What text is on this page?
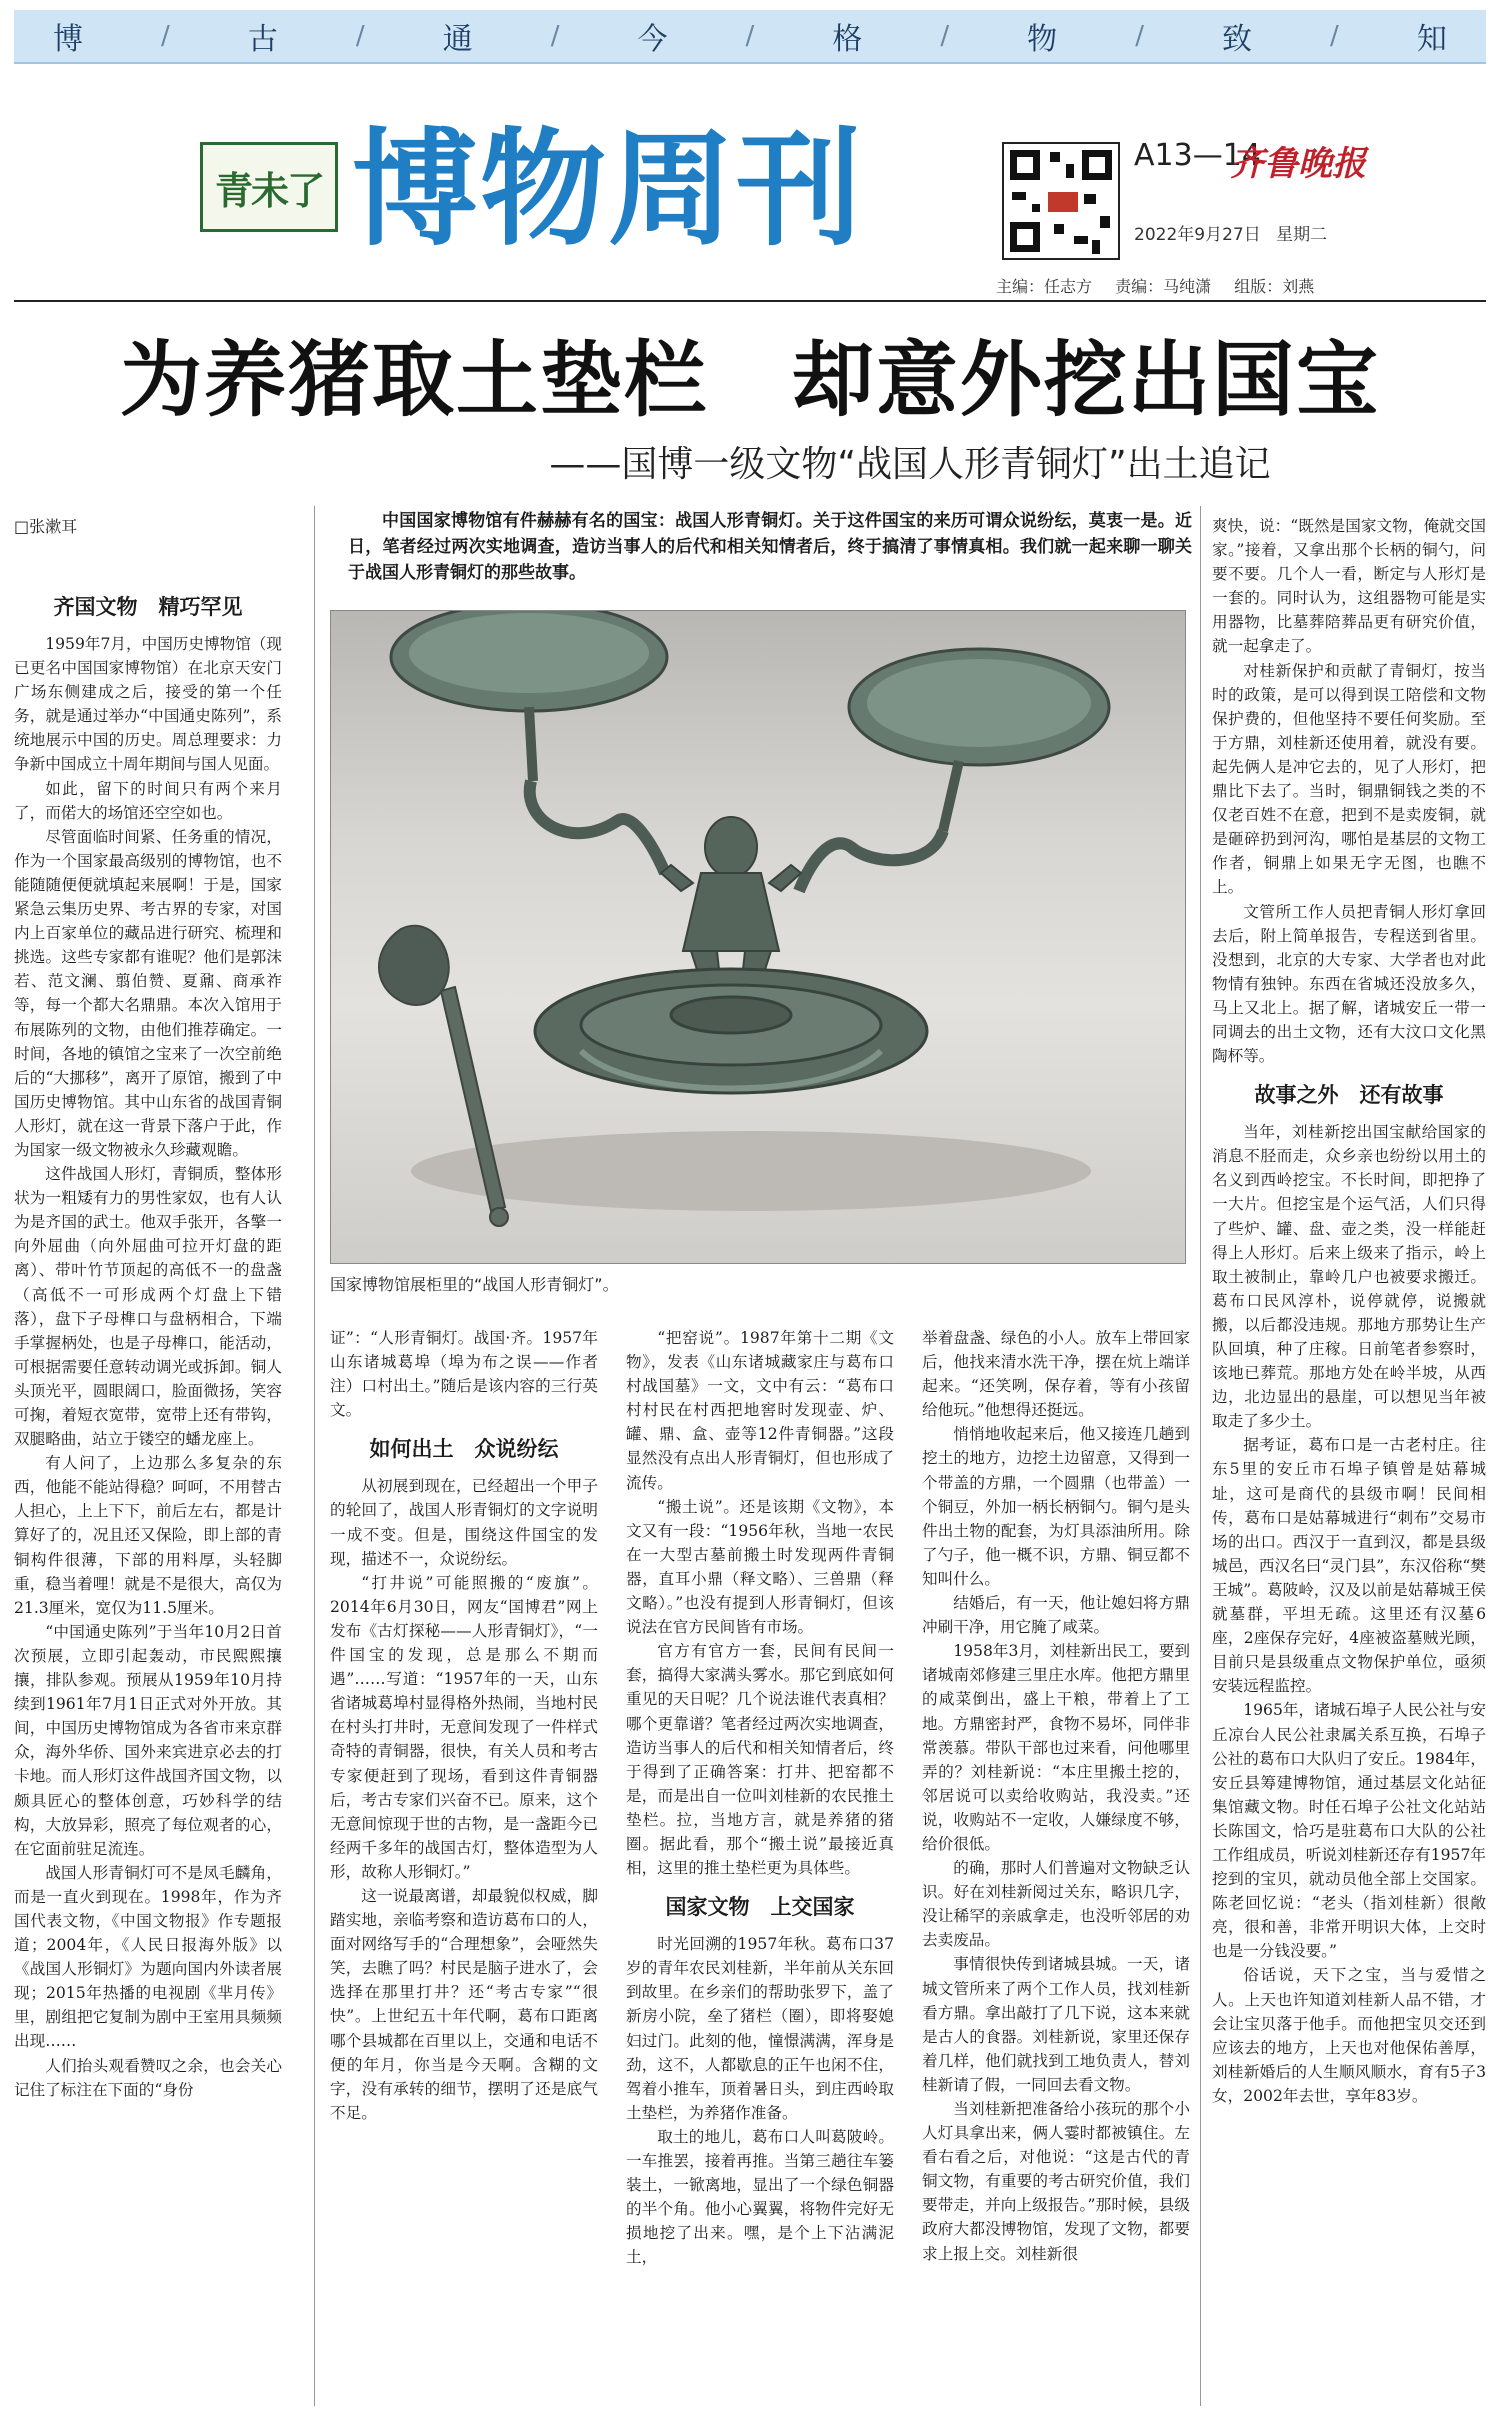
博	/	古	/	通	/	今	/	格	/	物	/	致	/	知
青未了 博物周刊	A13—14
齐鲁晚报
2022年9月27日 星期二
主编：任志方 责编：马纯潇 组版：刘燕
为养猪取土垫栏　却意外挖出国宝
——国博一级文物“战国人形青铜灯”出土追记
□张漱耳	中国国家博物馆有件赫赫有名的国宝：战国人形青铜灯。关于这件国宝的来历可谓众说纷纭，莫衷一是。近日，笔者经过两次实地调查，造访当事人的后代和相关知情者后，终于搞清了事情真相。我们就一起来聊一聊关于战国人形青铜灯的那些故事。
国家博物馆展柜里的“战国人形青铜灯”。
齐国文物　精巧罕见

1959年7月，中国历史博物馆（现已更名中国国家博物馆）在北京天安门广场东侧建成之后，接受的第一个任务，就是通过举办“中国通史陈列”，系统地展示中国的历史。周总理要求：力争新中国成立十周年期间与国人见面。

如此，留下的时间只有两个来月了，而偌大的场馆还空空如也。

尽管面临时间紧、任务重的情况，作为一个国家最高级别的博物馆，也不能随随便便就填起来展啊！于是，国家紧急云集历史界、考古界的专家，对国内上百家单位的藏品进行研究、梳理和挑选。这些专家都有谁呢？他们是郭沫若、范文澜、翦伯赞、夏鼐、商承祚等，每一个都大名鼎鼎。本次入馆用于布展陈列的文物，由他们推荐确定。一时间，各地的镇馆之宝来了一次空前绝后的“大挪移”，离开了原馆，搬到了中国历史博物馆。其中山东省的战国青铜人形灯，就在这一背景下落户于此，作为国家一级文物被永久珍藏观瞻。

这件战国人形灯，青铜质，整体形状为一粗矮有力的男性家奴，也有人认为是齐国的武士。他双手张开，各擎一向外屈曲（向外屈曲可拉开灯盘的距离）、带叶竹节顶起的高低不一的盘盏（高低不一可形成两个灯盘上下错落），盘下子母榫口与盘柄相合，下端手掌握柄处，也是子母榫口，能活动，可根据需要任意转动调光或拆卸。铜人头顶光平，圆眼阔口，脸面微扬，笑容可掬，着短衣宽带，宽带上还有带钩，双腿略曲，站立于镂空的蟠龙座上。

有人问了，上边那么多复杂的东西，他能不能站得稳？呵呵，不用替古人担心，上上下下，前后左右，都是计算好了的，况且还又保险，即上部的青铜构件很薄，下部的用料厚，头轻脚重，稳当着哩！就是不是很大，高仅为21.3厘米，宽仅为11.5厘米。

“中国通史陈列”于当年10月2日首次预展，立即引起轰动，市民熙熙攘攘，排队参观。预展从1959年10月持续到1961年7月1日正式对外开放。其间，中国历史博物馆成为各省市来京群众，海外华侨、国外来宾进京必去的打卡地。而人形灯这件战国齐国文物，以颇具匠心的整体创意，巧妙科学的结构，大放异彩，照亮了每位观者的心，在它面前驻足流连。

战国人形青铜灯可不是凤毛麟角，而是一直火到现在。1998年，作为齐国代表文物，《中国文物报》作专题报道；2004年，《人民日报海外版》以《战国人形铜灯》为题向国内外读者展现；2015年热播的电视剧《芈月传》里，剧组把它复制为剧中王室用具频频出现……

人们抬头观看赞叹之余，也会关心记住了标注在下面的“身份

证”：“人形青铜灯。战国·齐。1957年山东诸城葛埠（埠为布之误——作者注）口村出土。”随后是该内容的三行英文。

如何出土　众说纷纭

从初展到现在，已经超出一个甲子的轮回了，战国人形青铜灯的文字说明一成不变。但是，围绕这件国宝的发现，描述不一，众说纷纭。

“打井说”可能照搬的“废旗”。2014年6月30日，网友“国博君”网上发布《古灯探秘——人形青铜灯》，“一件国宝的发现，总是那么不期而遇”……写道：“1957年的一天，山东省诸城葛埠村显得格外热闹，当地村民在村头打井时，无意间发现了一件样式奇特的青铜器，很快，有关人员和考古专家便赶到了现场，看到这件青铜器后，考古专家们兴奋不已。原来，这个无意间惊现于世的古物，是一盏距今已经两千多年的战国古灯，整体造型为人形，故称人形铜灯。”

这一说最离谱，却最貌似权威，脚踏实地，亲临考察和造访葛布口的人，面对网络写手的“合理想象”，会哑然失笑，去瞧了吗？村民是脑子进水了，会选择在那里打井？还“考古专家”“很快”。上世纪五十年代啊，葛布口距离哪个县城都在百里以上，交通和电话不便的年月，你当是今天啊。含糊的文字，没有承转的细节，摆明了还是底气不足。

“把窑说”。1987年第十二期《文物》，发表《山东诸城藏家庄与葛布口村战国墓》一文，文中有云：“葛布口村村民在村西把地窖时发现壶、炉、罐、鼎、盒、壶等12件青铜器。”这段显然没有点出人形青铜灯，但也形成了流传。

“搬土说”。还是该期《文物》，本文又有一段：“1956年秋，当地一农民在一大型古墓前搬土时发现两件青铜器，直耳小鼎（释文略）、三兽鼎（释文略）。”也没有提到人形青铜灯，但该说法在官方民间皆有市场。

官方有官方一套，民间有民间一套，搞得大家满头雾水。那它到底如何重见的天日呢？几个说法谁代表真相？哪个更靠谱？笔者经过两次实地调查，造访当事人的后代和相关知情者后，终于得到了正确答案：打井、把窑都不是，而是出自一位叫刘桂新的农民推土垫栏。拉，当地方言，就是养猪的猪圈。据此看，那个“搬土说”最接近真相，这里的推土垫栏更为具体些。

国家文物　上交国家

时光回溯的1957年秋。葛布口37岁的青年农民刘桂新，半年前从关东回到故里。在乡亲们的帮助张罗下，盖了新房小院，垒了猪栏（圈），即将娶媳妇过门。此刻的他，憧憬满满，浑身是劲，这不，人都歇息的正午也闲不住，驾着小推车，顶着暑日头，到庄西岭取土垫栏，为养猪作准备。

取土的地儿，葛布口人叫葛陂岭。一车推罢，接着再推。当第三趟往车篓装土，一锨离地，显出了一个绿色铜器的半个角。他小心翼翼，将物件完好无损地挖了出来。嘿，是个上下沾满泥土，

举着盘盏、绿色的小人。放车上带回家后，他找来清水洗干净，摆在炕上端详起来。“还笑咧，保存着，等有小孩留给他玩。”他想得还挺远。

悄悄地收起来后，他又接连几趟到挖土的地方，边挖土边留意，又得到一个带盖的方鼎，一个圆鼎（也带盖）一个铜豆，外加一柄长柄铜勺。铜勺是头件出土物的配套，为灯具添油所用。除了勺子，他一概不识，方鼎、铜豆都不知叫什么。

结婚后，有一天，他让媳妇将方鼎冲刷干净，用它腌了咸菜。

1958年3月，刘桂新出民工，要到诸城南郊修建三里庄水库。他把方鼎里的咸菜倒出，盛上干粮，带着上了工地。方鼎密封严，食物不易坏，同伴非常羡慕。带队干部也过来看，问他哪里弄的？刘桂新说：“本庄里搬土挖的，邻居说可以卖给收购站，我没卖。”还说，收购站不一定收，人嫌绿度不够，给价很低。

的确，那时人们普遍对文物缺乏认识。好在刘桂新阅过关东，略识几字，没让稀罕的亲戚拿走，也没听邻居的劝去卖废品。

事情很快传到诸城县城。一天，诸城文管所来了两个工作人员，找刘桂新看方鼎。拿出敲打了几下说，这本来就是古人的食器。刘桂新说，家里还保存着几样，他们就找到工地负责人，替刘桂新请了假，一同回去看文物。

当刘桂新把准备给小孩玩的那个小人灯具拿出来，俩人霎时都被镇住。左看右看之后，对他说：“这是古代的青铜文物，有重要的考古研究价值，我们要带走，并向上级报告。”那时候，县级政府大都没博物馆，发现了文物，都要求上报上交。刘桂新很

爽快，说：“既然是国家文物，俺就交国家。”接着，又拿出那个长柄的铜勺，问要不要。几个人一看，断定与人形灯是一套的。同时认为，这组器物可能是实用器物，比墓葬陪葬品更有研究价值，就一起拿走了。

对桂新保护和贡献了青铜灯，按当时的政策，是可以得到误工陪偿和文物保护费的，但他坚持不要任何奖励。至于方鼎，刘桂新还使用着，就没有要。起先俩人是冲它去的，见了人形灯，把鼎比下去了。当时，铜鼎铜钱之类的不仅老百姓不在意，把到不是卖废铜，就是砸碎扔到河沟，哪怕是基层的文物工作者，铜鼎上如果无字无图，也瞧不上。

文管所工作人员把青铜人形灯拿回去后，附上简单报告，专程送到省里。没想到，北京的大专家、大学者也对此物情有独钟。东西在省城还没放多久，马上又北上。据了解，诸城安丘一带一同调去的出土文物，还有大汶口文化黑陶杯等。

故事之外　还有故事

当年，刘桂新挖出国宝献给国家的消息不胫而走，众乡亲也纷纷以用土的名义到西岭挖宝。不长时间，即把挣了一大片。但挖宝是个运气活，人们只得了些炉、罐、盘、壶之类，没一样能赶得上人形灯。后来上级来了指示，岭上取土被制止，靠岭几户也被要求搬迁。葛布口民风淳朴，说停就停，说搬就搬，以后都没违规。那地方那势让生产队回填，种了庄稼。日前笔者参察时，该地已葬荒。那地方处在岭半坡，从西边，北边显出的悬崖，可以想见当年被取走了多少土。

据考证，葛布口是一古老村庄。往东5里的安丘市石埠子镇曾是姑幕城址，这可是商代的县级市啊！民间相传，葛布口是姑幕城进行“刺布”交易市场的出口。西汉于一直到汉，都是县级城邑，西汉名曰“灵门县”，东汉俗称“樊王城”。葛陂岭，汉及以前是姑幕城王侯就墓群，平坦无疏。这里还有汉墓6座，2座保存完好，4座被盗墓贼光顾，目前只是县级重点文物保护单位，亟须安装远程监控。

1965年，诸城石埠子人民公社与安丘凉台人民公社隶属关系互换，石埠子公社的葛布口大队归了安丘。1984年，安丘县筹建博物馆，通过基层文化站征集馆藏文物。时任石埠子公社文化站站长陈国文，恰巧是驻葛布口大队的公社工作组成员，听说刘桂新还存有1957年挖到的宝贝，就动员他全部上交国家。陈老回忆说：“老头（指刘桂新）很敞亮，很和善，非常开明识大体，上交时也是一分钱没要。”

俗话说，天下之宝，当与爱惜之人。上天也许知道刘桂新人品不错，才会让宝贝落于他手。而他把宝贝交还到应该去的地方，上天也对他保佑善厚，刘桂新婚后的人生顺风顺水，育有5子3女，2002年去世，享年83岁。
